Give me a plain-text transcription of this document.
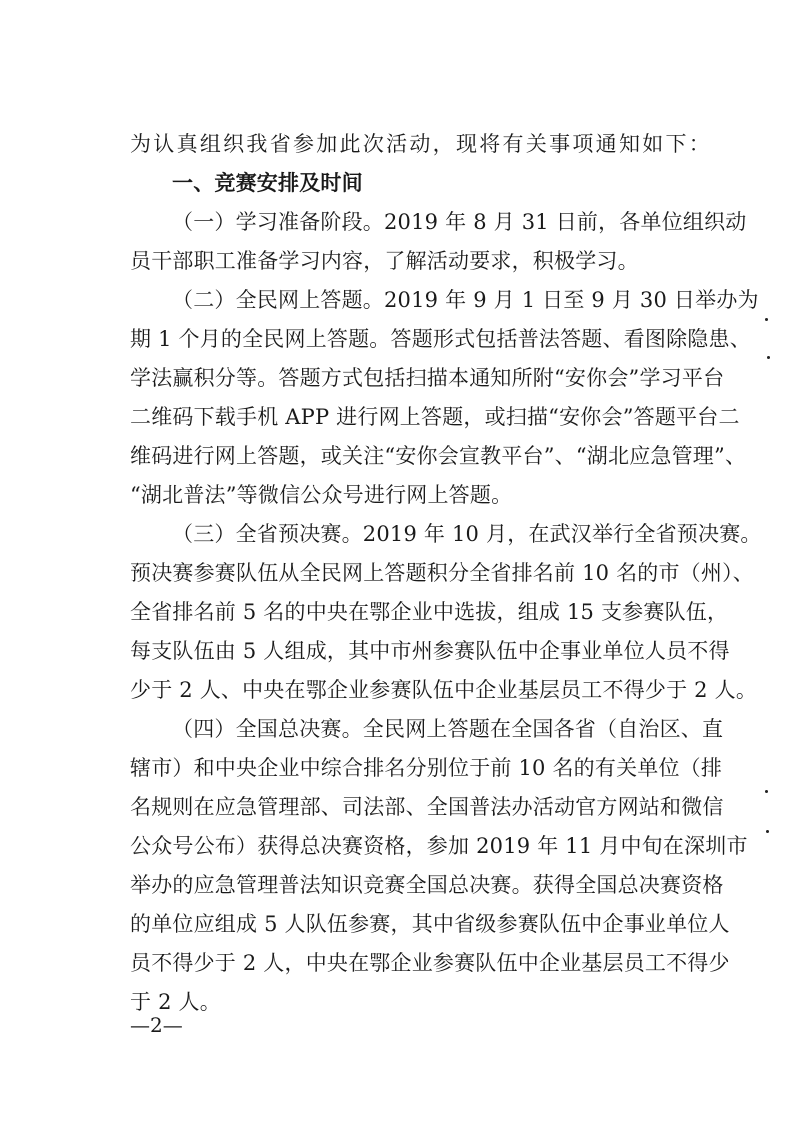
为认真组织我省参加此次活动，现将有关事项通知如下：
一、竞赛安排及时间
（一）学习准备阶段。2019 年 8 月 31 日前，各单位组织动
员干部职工准备学习内容，了解活动要求，积极学习。
（二）全民网上答题。2019 年 9 月 1 日至 9 月 30 日举办为
期 1 个月的全民网上答题。答题形式包括普法答题、看图除隐患、
学法赢积分等。答题方式包括扫描本通知所附“安你会”学习平台
二维码下载手机 APP 进行网上答题，或扫描“安你会”答题平台二
维码进行网上答题，或关注“安你会宣教平台”、“湖北应急管理”、
“湖北普法”等微信公众号进行网上答题。
（三）全省预决赛。2019 年 10 月，在武汉举行全省预决赛。
预决赛参赛队伍从全民网上答题积分全省排名前 10 名的市（州）、
全省排名前 5 名的中央在鄂企业中选拔，组成 15 支参赛队伍，
每支队伍由 5 人组成，其中市州参赛队伍中企事业单位人员不得
少于 2 人、中央在鄂企业参赛队伍中企业基层员工不得少于 2 人。
（四）全国总决赛。全民网上答题在全国各省（自治区、直
辖市）和中央企业中综合排名分别位于前 10 名的有关单位（排
名规则在应急管理部、司法部、全国普法办活动官方网站和微信
公众号公布）获得总决赛资格，参加 2019 年 11 月中旬在深圳市
举办的应急管理普法知识竞赛全国总决赛。获得全国总决赛资格
的单位应组成 5 人队伍参赛，其中省级参赛队伍中企事业单位人
员不得少于 2 人，中央在鄂企业参赛队伍中企业基层员工不得少
于 2 人。
—2—
